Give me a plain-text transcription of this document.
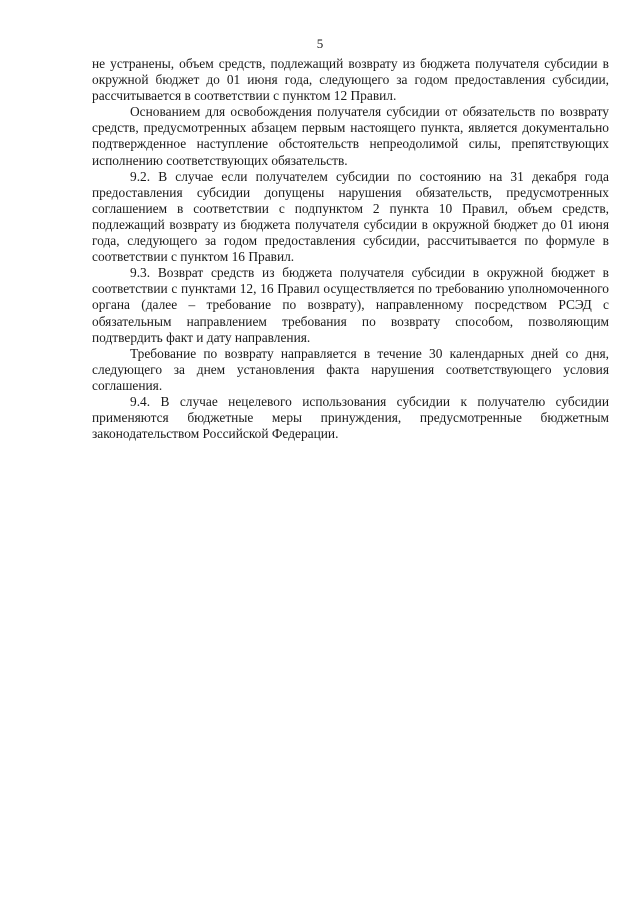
5

не устранены, объем средств, подлежащий возврату из бюджета получателя субсидии в окружной бюджет до 01 июня года, следующего за годом предоставления субсидии, рассчитывается в соответствии с пунктом 12 Правил.

Основанием для освобождения получателя субсидии от обязательств по возврату средств, предусмотренных абзацем первым настоящего пункта, является документально подтвержденное наступление обстоятельств непреодолимой силы, препятствующих исполнению соответствующих обязательств.

9.2. В случае если получателем субсидии по состоянию на 31 декабря года предоставления субсидии допущены нарушения обязательств, предусмотренных соглашением в соответствии с подпунктом 2 пункта 10 Правил, объем средств, подлежащий возврату из бюджета получателя субсидии в окружной бюджет до 01 июня года, следующего за годом предоставления субсидии, рассчитывается по формуле в соответствии с пунктом 16 Правил.

9.3. Возврат средств из бюджета получателя субсидии в окружной бюджет в соответствии с пунктами 12, 16 Правил осуществляется по требованию уполномоченного органа (далее – требование по возврату), направленному посредством РСЭД с обязательным направлением требования по возврату способом, позволяющим подтвердить факт и дату направления.

Требование по возврату направляется в течение 30 календарных дней со дня, следующего за днем установления факта нарушения соответствующего условия соглашения.

9.4. В случае нецелевого использования субсидии к получателю субсидии применяются бюджетные меры принуждения, предусмотренные бюджетным законодательством Российской Федерации.
